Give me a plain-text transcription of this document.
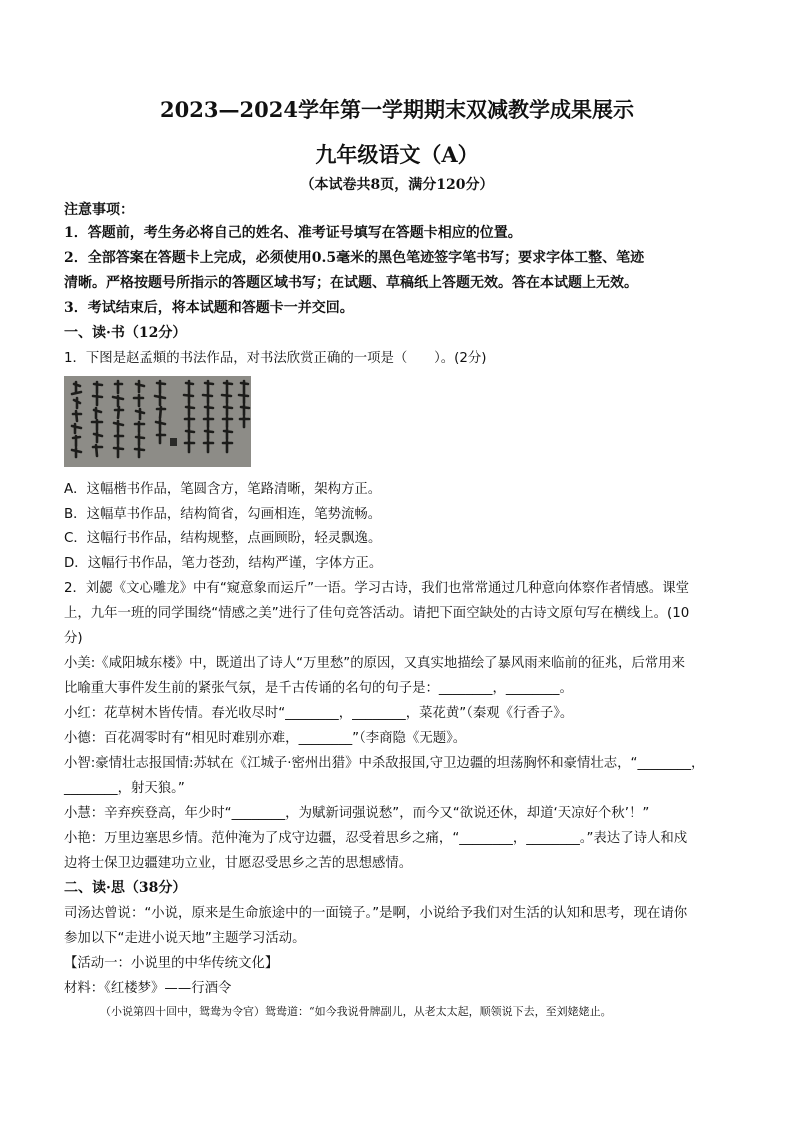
2023—2024学年第一学期期末双减教学成果展示
九年级语文（A）
（本试卷共8页，满分120分）
注意事项：
1．答题前，考生务必将自己的姓名、准考证号填写在答题卡相应的位置。
2．全部答案在答题卡上完成，必须使用0.5毫米的黑色笔迹签字笔书写；要求字体工整、笔迹
清晰。严格按题号所指示的答题区域书写；在试题、草稿纸上答题无效。答在本试题上无效。
3．考试结束后，将本试题和答题卡一并交回。
一、读·书（12分）
1．下图是赵孟頫的书法作品，对书法欣赏正确的一项是（　　）。(2分)
A．这幅楷书作品，笔圆含方，笔路清晰，架构方正。
B．这幅草书作品，结构简省，勾画相连，笔势流畅。
C．这幅行书作品，结构规整，点画顾盼，轻灵飘逸。
D．这幅行书作品，笔力苍劲，结构严谨，字体方正。
2．刘勰《文心雕龙》中有“窥意象而运斤”一语。学习古诗，我们也常常通过几种意向体察作者情感。课堂
上，九年一班的同学围绕“情感之美”进行了佳句竞答活动。请把下面空缺处的古诗文原句写在横线上。(10
分)
小美:《咸阳城东楼》中，既道出了诗人“万里愁”的原因，又真实地描绘了暴风雨来临前的征兆，后常用来
比喻重大事件发生前的紧张气氛，是千古传诵的名句的句子是：________，________。
小红：花草树木皆传情。春光收尽时“________，________，菜花黄”（秦观《行香子》。
小德：百花凋零时有“相见时难别亦难，________”（李商隐《无题》。
小智:豪情壮志报国情:苏轼在《江城子·密州出猎》中杀敌报国,守卫边疆的坦荡胸怀和豪情壮志，“________，
________，射天狼。”
小慧：辛弃疾登高，年少时“________，为赋新词强说愁”，而今又“欲说还休，却道‘天凉好个秋’！”
小艳：万里边塞思乡情。范仲淹为了戍守边疆，忍受着思乡之痛，“________，________。”表达了诗人和戍
边将士保卫边疆建功立业，甘愿忍受思乡之苦的思想感情。
二、读·思（38分）
司汤达曾说：“小说，原来是生命旅途中的一面镜子。”是啊，小说给予我们对生活的认知和思考，现在请你
参加以下“走进小说天地”主题学习活动。
【活动一：小说里的中华传统文化】
材料：《红楼梦》——行酒令
（小说第四十回中，鸳鸯为令官）鸳鸯道：“如今我说骨牌副儿，从老太太起，顺领说下去，至刘姥姥止。
